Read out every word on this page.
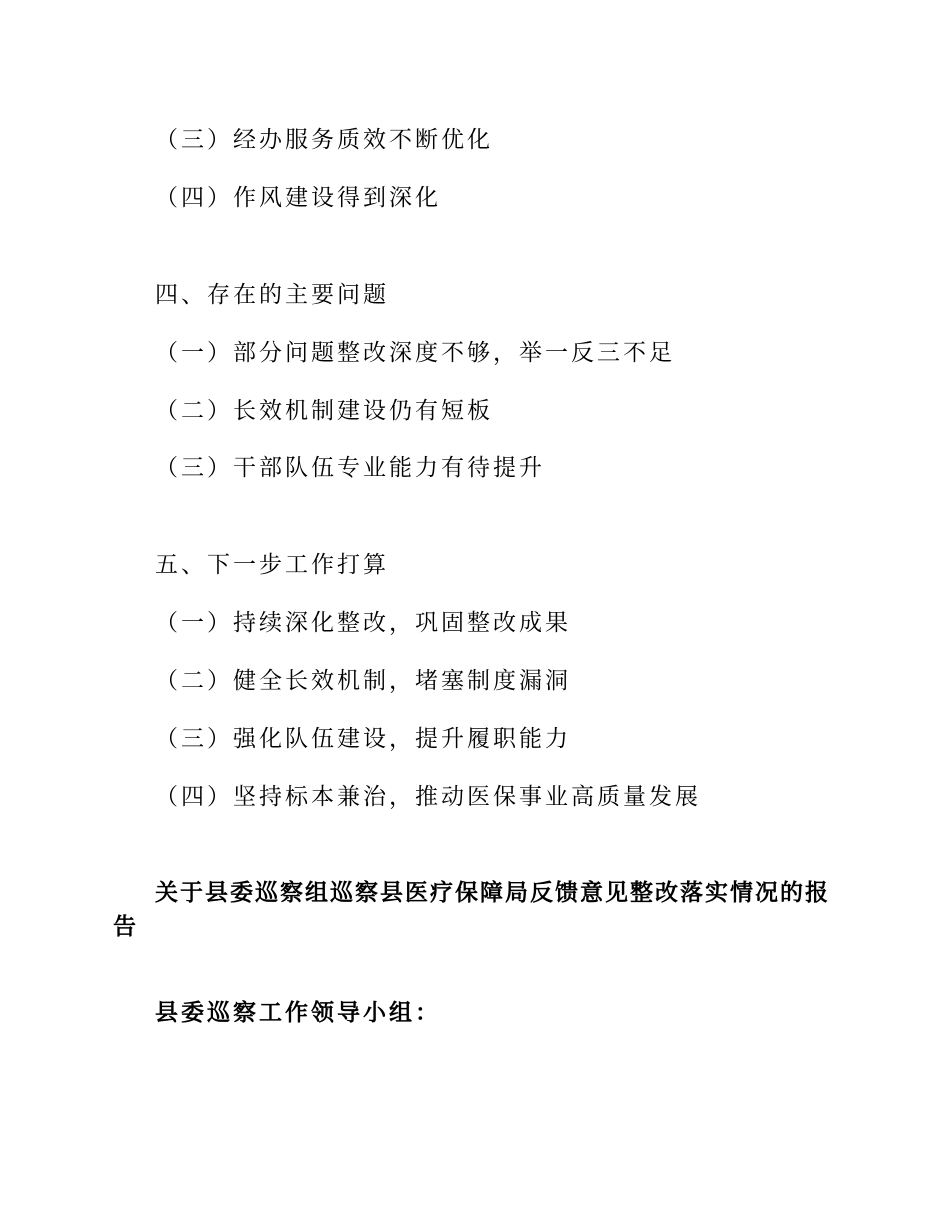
（三）经办服务质效不断优化
（四）作风建设得到深化
四、存在的主要问题
（一）部分问题整改深度不够，举一反三不足
（二）长效机制建设仍有短板
（三）干部队伍专业能力有待提升
五、下一步工作打算
（一）持续深化整改，巩固整改成果
（二）健全长效机制，堵塞制度漏洞
（三）强化队伍建设，提升履职能力
（四）坚持标本兼治，推动医保事业高质量发展
关于县委巡察组巡察县医疗保障局反馈意见整改落实情况的报
告
县委巡察工作领导小组：
